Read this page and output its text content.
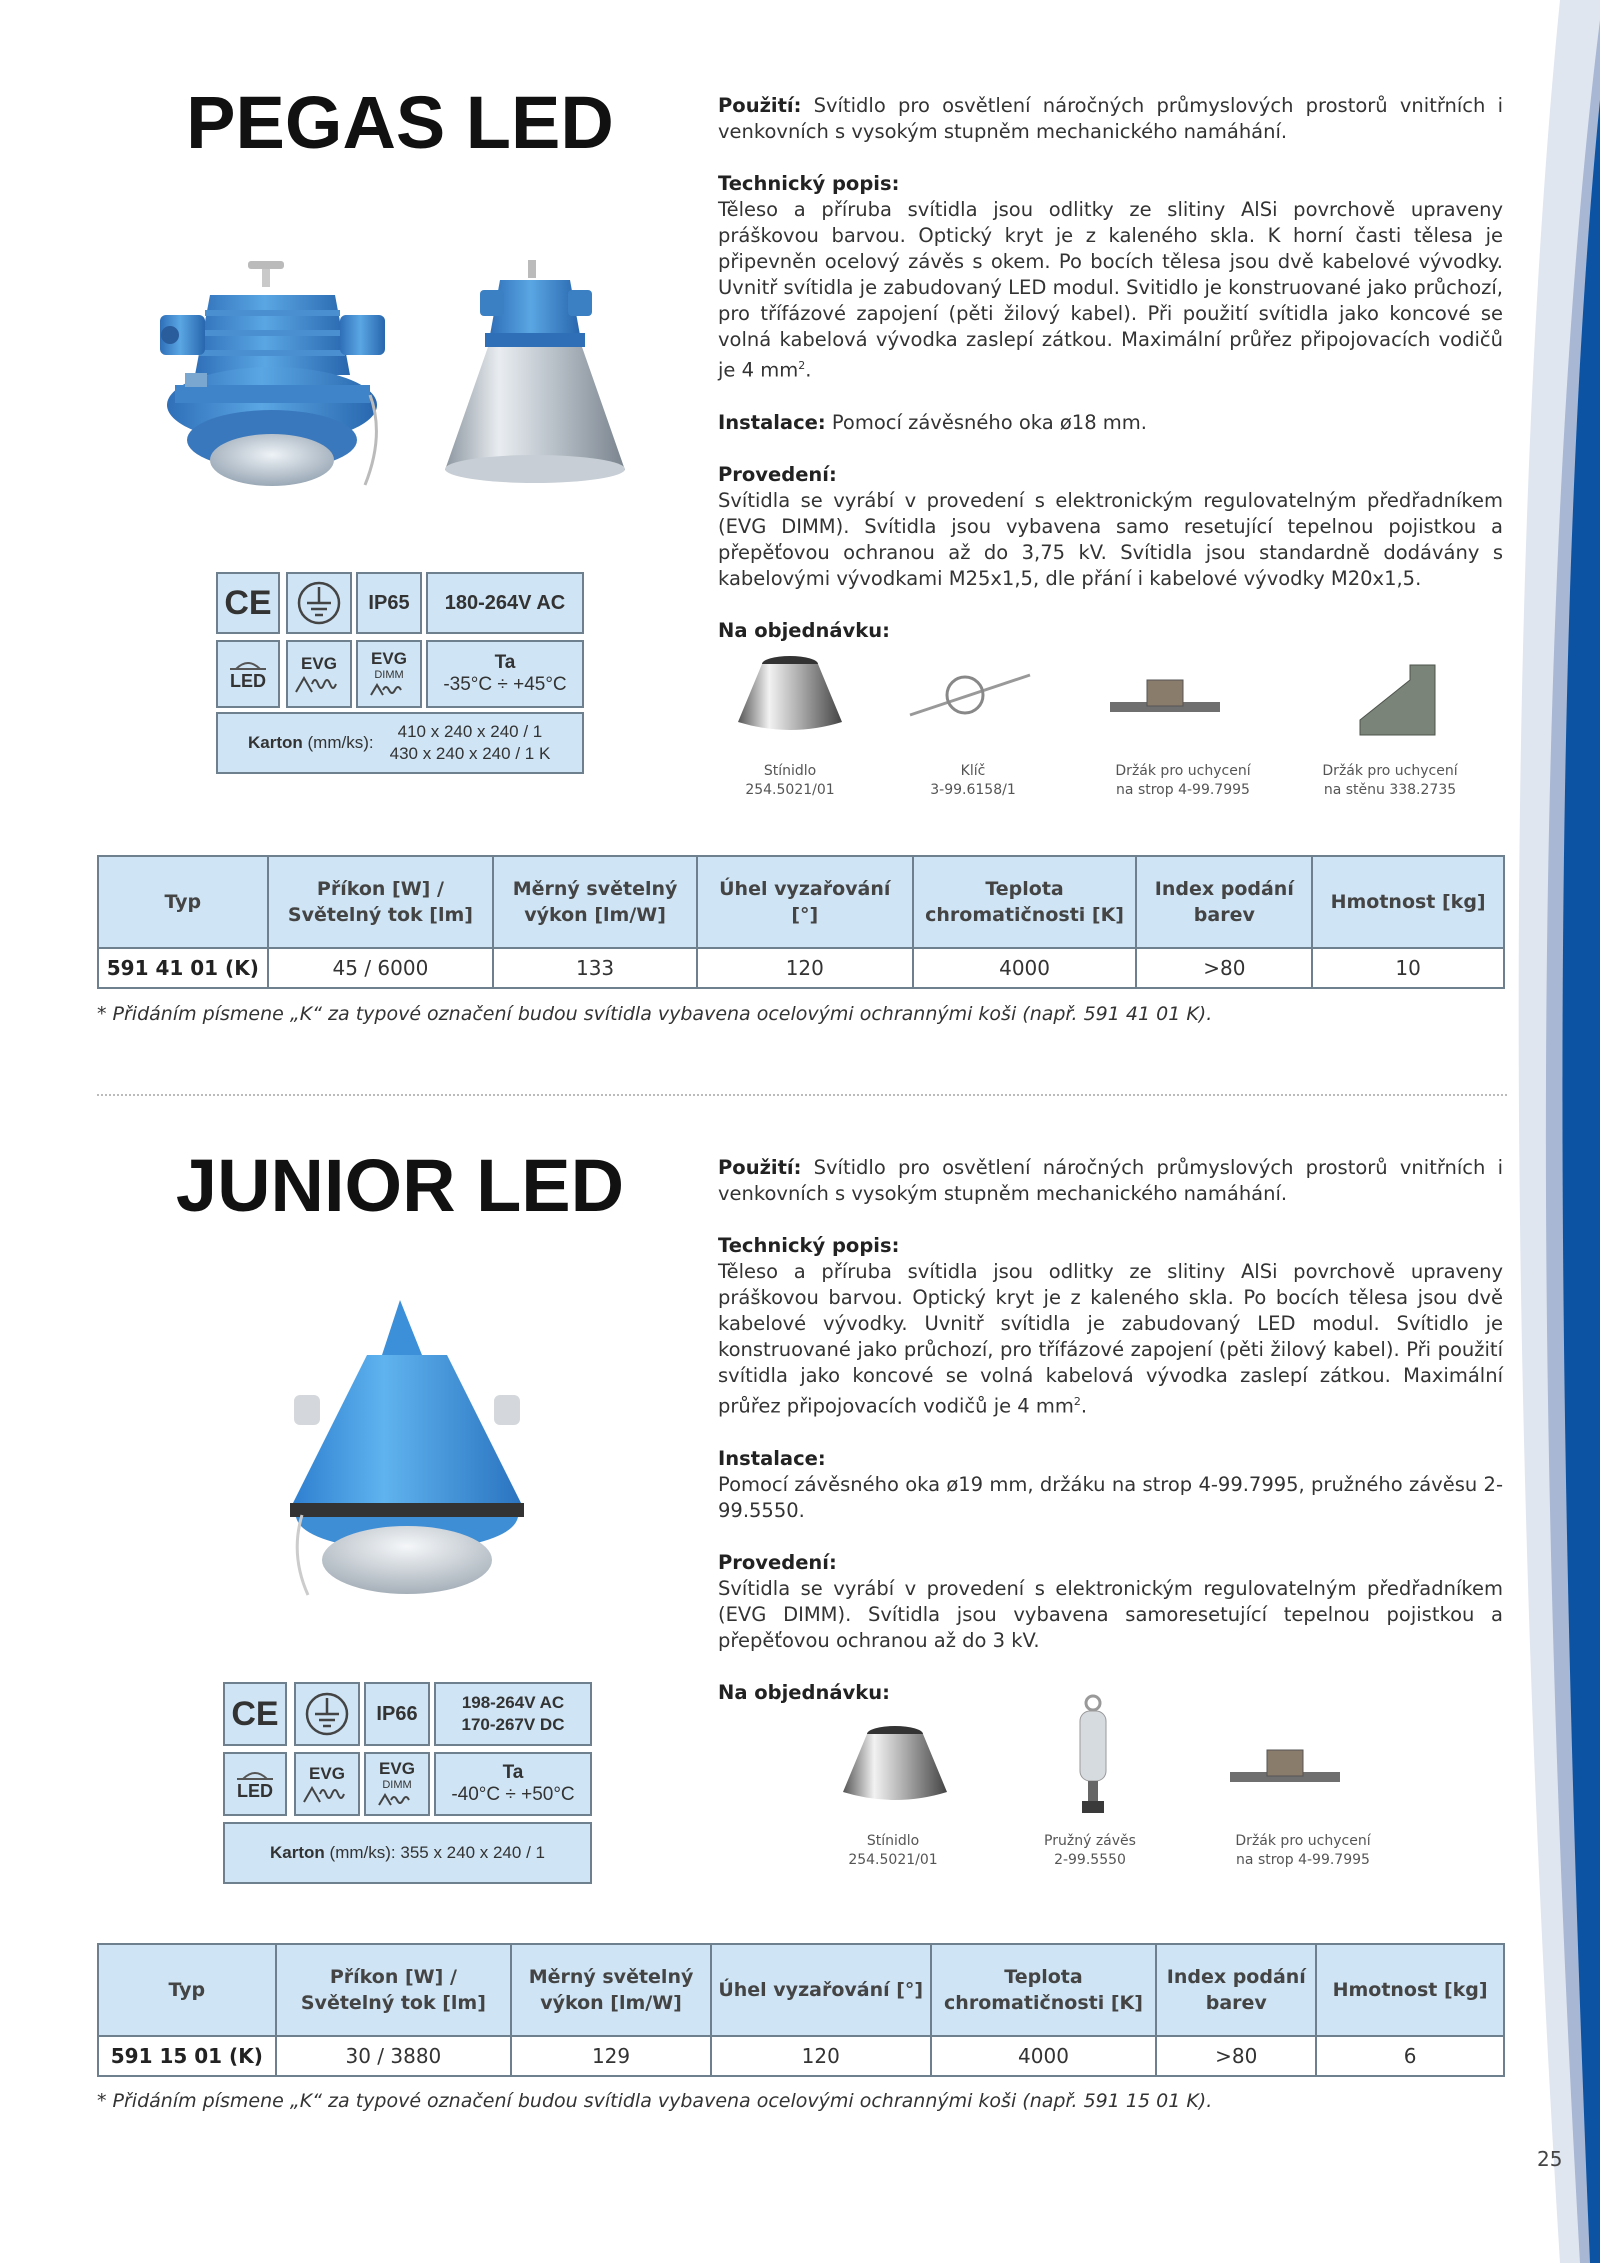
PEGAS LED
CE	IP65	180-264V AC
LED
EVG EVG
DIMM
Ta
-35°C ÷ +45°C
Karton
(mm/ks):
410 x 240 x 240 / 1
430 x 240 x 240 / 1 K

Použití: Svítidlo pro osvětlení náročných průmyslových prostorů vnitřních i venkovních s vysokým stupněm mechanického namáhání.

Technický popis:
Těleso a příruba svítidla jsou odlitky ze slitiny AlSi povrchově upraveny práškovou barvou. Optický kryt je z kaleného skla. K horní časti tělesa je připevněn ocelový závěs s okem. Po bocích tělesa jsou dvě kabelové vývodky. Uvnitř svítidla je zabudovaný LED modul. Svitidlo je konstruované jako průchozí, pro třífázové zapojení (pěti žilový kabel). Při použití svítidla jako koncové se volná kabelová vývodka zaslepí zátkou. Maximální průřez připojovacích vodičů je 4 $mm^2$.

Instalace: Pomocí závěsného oka ø18 mm.

Provedení:
Svítidla se vyrábí v provedení s elektronickým regulovatelným předřadníkem (EVG DIMM). Svítidla jsou vybavena samo resetující tepelnou pojistkou a přepěťovou ochranou až do 3,75 kV. Svítidla jsou standardně dodávány s kabelovými vývodkami M25x1,5, dle přání i kabelové vývodky M20x1,5.

Na objednávku:

Stínidlo
254.5021/01
Klíč
3-99.6158/1
Držák pro uchycení
na strop 4-99.7995
Držák pro uchycení
na stěnu 338.2735
Typ	Příkon [W] / Světelný tok [lm]	Měrný světelný výkon [lm/W]	Úhel vyzařování [°]	Teplota chromatičnosti [K]	Index podání barev	Hmotnost [kg]
591 41 01 (K)	45 / 6000	133	120	4000	>80	10
* Přidáním písmene „K“ za typové označení budou svítidla vybavena ocelovými ochrannými koši (např. 591 41 01 K).
JUNIOR LED
CE	IP66	198-264V AC
170-267V DC
LED
EVG EVG
DIMM
Ta
-40°C ÷ +50°C
Karton
(mm/ks):
355 x 240 x 240 / 1

Použití: Svítidlo pro osvětlení náročných průmyslových prostorů vnitřních i venkovních s vysokým stupněm mechanického namáhání.

Technický popis:
Těleso a příruba svítidla jsou odlitky ze slitiny AlSi povrchově upraveny práškovou barvou. Optický kryt je z kaleného skla. Po bocích tělesa jsou dvě kabelové vývodky. Uvnitř svítidla je zabudovaný LED modul. Svítidlo je konstruované jako průchozí, pro třífázové zapojení (pěti žilový kabel). Při použití svítidla jako koncové se volná kabelová vývodka zaslepí zátkou. Maximální průřez připojovacích vodičů je 4 $mm^2$.

Instalace:
Pomocí závěsného oka ø19 mm, držáku na strop 4-99.7995, pružného závěsu 2-99.5550.

Provedení:
Svítidla se vyrábí v provedení s elektronickým regulovatelným předřadníkem (EVG DIMM). Svítidla jsou vybavena samoresetující tepelnou pojistkou a přepěťovou ochranou až do 3 kV.

Na objednávku:

Stínidlo
254.5021/01
Pružný závěs
2-99.5550
Držák pro uchycení
na strop 4-99.7995
Typ	Příkon [W] / Světelný tok [lm]	Měrný světelný výkon [lm/W]	Úhel vyzařování [°]	Teplota chromatičnosti [K]	Index podání barev	Hmotnost [kg]
591 15 01 (K)	30 / 3880	129	120	4000	>80	6
* Přidáním písmene „K“ za typové označení budou svítidla vybavena ocelovými ochrannými koši (např. 591 15 01 K).
25
